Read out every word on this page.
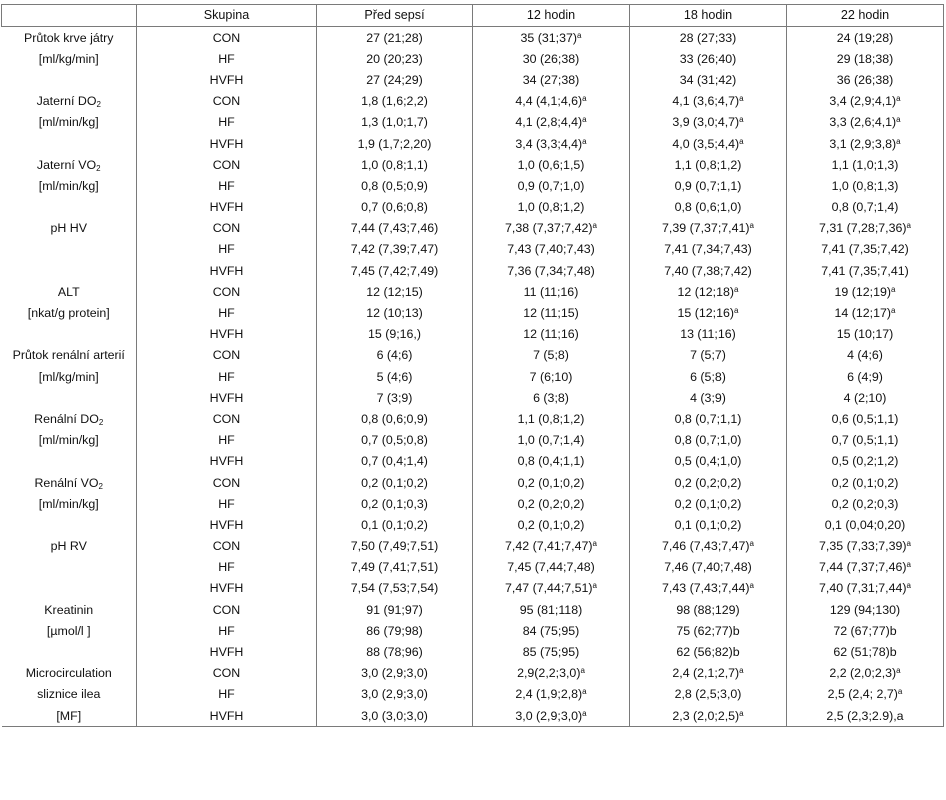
	Skupina	Před sepsí	12 hodin	18 hodin	22 hodin
Průtok krve játry	CON	27 (21;28)	35 (31;37)$^a$	28 (27;33)	24 (19;28)
[ml/kg/min]	HF	20 (20;23)	30 (26;38)	33 (26;40)	29 (18;38)
	HVFH	27 (24;29)	34 (27;38)	34 (31;42)	36 (26;38)
Jaterní $DO_2$	CON	1,8 (1,6;2,2)	4,4 (4,1;4,6)$^a$	4,1 (3,6;4,7)$^a$	3,4 (2,9;4,1)$^a$
[ml/min/kg]	HF	1,3 (1,0;1,7)	4,1 (2,8;4,4)$^a$	3,9 (3,0;4,7)$^a$	3,3 (2,6;4,1)$^a$
	HVFH	1,9 (1,7;2,20)	3,4 (3,3;4,4)$^a$	4,0 (3,5;4,4)$^a$	3,1 (2,9;3,8)$^a$
Jaterní $VO_2$	CON	1,0 (0,8;1,1)	1,0 (0,6;1,5)	1,1 (0,8;1,2)	1,1 (1,0;1,3)
[ml/min/kg]	HF	0,8 (0,5;0,9)	0,9 (0,7;1,0)	0,9 (0,7;1,1)	1,0 (0,8;1,3)
	HVFH	0,7 (0,6;0,8)	1,0 (0,8;1,2)	0,8 (0,6;1,0)	0,8 (0,7;1,4)
pH HV	CON	7,44 (7,43;7,46)	7,38 (7,37;7,42)$^a$	7,39 (7,37;7,41)$^a$	7,31 (7,28;7,36)$^a$
	HF	7,42 (7,39;7,47)	7,43 (7,40;7,43)	7,41 (7,34;7,43)	7,41 (7,35;7,42)
	HVFH	7,45 (7,42;7,49)	7,36 (7,34;7,48)	7,40 (7,38;7,42)	7,41 (7,35;7,41)
ALT	CON	12 (12;15)	11 (11;16)	12 (12;18)$^a$	19 (12;19)$^a$
[nkat/g protein]	HF	12 (10;13)	12 (11;15)	15 (12;16)$^a$	14 (12;17)$^a$
	HVFH	15 (9;16,)	12 (11;16)	13 (11;16)	15 (10;17)
Průtok renální arterií	CON	6 (4;6)	7 (5;8)	7 (5;7)	4 (4;6)
[ml/kg/min]	HF	5 (4;6)	7 (6;10)	6 (5;8)	6 (4;9)
	HVFH	7 (3;9)	6 (3;8)	4 (3;9)	4 (2;10)
Renální $DO_2$	CON	0,8 (0,6;0,9)	1,1 (0,8;1,2)	0,8 (0,7;1,1)	0,6 (0,5;1,1)
[ml/min/kg]	HF	0,7 (0,5;0,8)	1,0 (0,7;1,4)	0,8 (0,7;1,0)	0,7 (0,5;1,1)
	HVFH	0,7 (0,4;1,4)	0,8 (0,4;1,1)	0,5 (0,4;1,0)	0,5 (0,2;1,2)
Renální $VO_2$	CON	0,2 (0,1;0,2)	0,2 (0,1;0,2)	0,2 (0,2;0,2)	0,2 (0,1;0,2)
[ml/min/kg]	HF	0,2 (0,1;0,3)	0,2 (0,2;0,2)	0,2 (0,1;0,2)	0,2 (0,2;0,3)
	HVFH	0,1 (0,1;0,2)	0,2 (0,1;0,2)	0,1 (0,1;0,2)	0,1 (0,04;0,20)
pH RV	CON	7,50 (7,49;7,51)	7,42 (7,41;7,47)$^a$	7,46 (7,43;7,47)$^a$	7,35 (7,33;7,39)$^a$
	HF	7,49 (7,41;7,51)	7,45 (7,44;7,48)	7,46 (7,40;7,48)	7,44 (7,37;7,46)$^a$
	HVFH	7,54 (7,53;7,54)	7,47 (7,44;7,51)$^a$	7,43 (7,43;7,44)$^a$	7,40 (7,31;7,44)$^a$
Kreatinin	CON	91 (91;97)	95 (81;118)	98 (88;129)	129 (94;130)
[µmol/l ]	HF	86 (79;98)	84 (75;95)	75 (62;77)b	72 (67;77)b
	HVFH	88 (78;96)	85 (75;95)	62 (56;82)b	62 (51;78)b
Microcirculation	CON	3,0 (2,9;3,0)	2,9(2,2;3,0)$^a$	2,4 (2,1;2,7)$^a$	2,2 (2,0;2,3)$^a$
sliznice ilea	HF	3,0 (2,9;3,0)	2,4 (1,9;2,8)$^a$	2,8 (2,5;3,0)	2,5 (2,4; 2,7)$^a$
[MF]	HVFH	3,0 (3,0;3,0)	3,0 (2,9;3,0)$^a$	2,3 (2,0;2,5)$^a$	2,5 (2,3;2.9),a
